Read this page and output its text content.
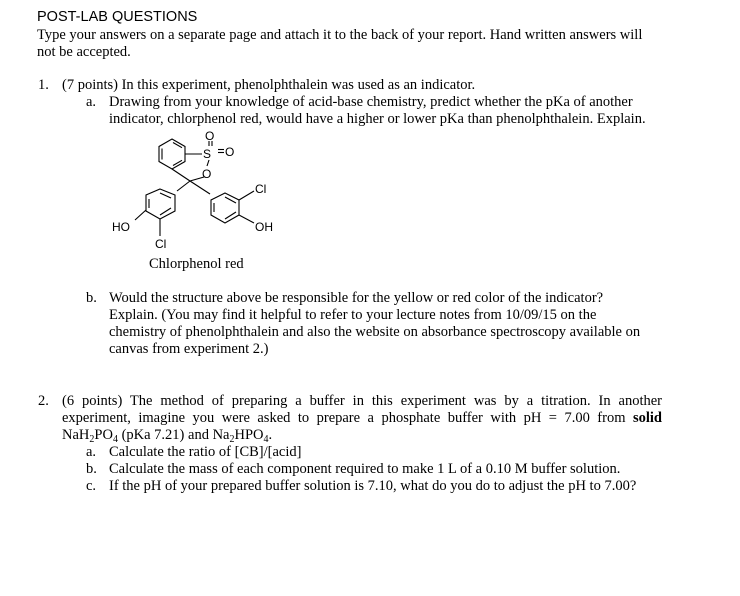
POST-LAB QUESTIONS
Type your answers on a separate page and attach it to the back of your report. Hand written answers will
not be accepted.
1. (7 points) In this experiment, phenolphthalein was used as an indicator.
a. Drawing from your knowledge of acid-base chemistry, predict whether the pKa of another
indicator, chlorphenol red, would have a higher or lower pKa than phenolphthalein. Explain.
O
S O
O
Cl
HO	OH
Cl
Chlorphenol red
b. Would the structure above be responsible for the yellow or red color of the indicator?
Explain. (You may find it helpful to refer to your lecture notes from 10/09/15 on the
chemistry of phenolphthalein and also the website on absorbance spectroscopy available on
canvas from experiment 2.)
2. (6 points) The method of preparing a buffer in this experiment was by a titration. In another
experiment, imagine you were asked to prepare a phosphate buffer with pH = 7.00 from solid
$NaH_2PO_4$ (pKa 7.21) and $Na_2HPO_4$.
a. Calculate the ratio of [CB]/[acid]
b. Calculate the mass of each component required to make 1 L of a 0.10 M buffer solution.
c. If the pH of your prepared buffer solution is 7.10, what do you do to adjust the pH to 7.00?
